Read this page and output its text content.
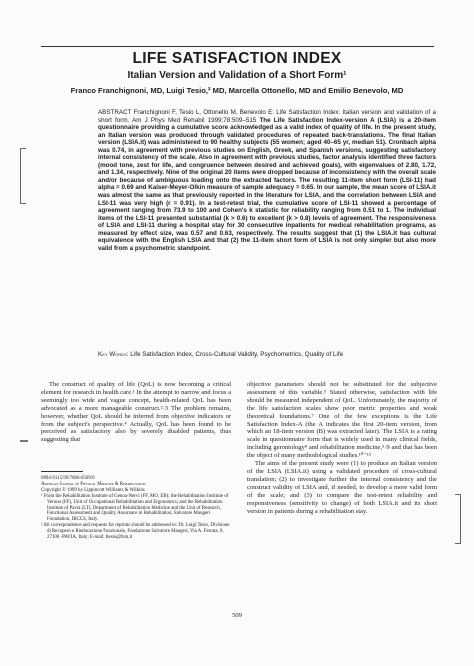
LIFE SATISFACTION INDEX
Italian Version and Validation of a Short Form¹
Franco Franchignoni, MD, Luigi Tesio,² MD, Marcella Ottonello, MD and Emilio Benevolo, MD
ABSTRACT Franchignoni F, Tesio L, Ottonello M, Benevolo E: Life Satisfaction Index: Italian version and validation of a short form. Am J Phys Med Rehabil 1999;78:509–515 The Life Satisfaction Index-version A (LSIA) is a 20-item questionnaire providing a cumulative score acknowledged as a valid index of quality of life. In the present study, an Italian version was produced through validated procedures of repeated back-translations. The final Italian version (LSIA.it) was administered to 90 healthy subjects (55 women; aged 40–65 yr, median 51). Cronbach alpha was 0.74, in agreement with previous studies on English, Greek, and Spanish versions, suggesting satisfactory internal consistency of the scale. Also in agreement with previous studies, factor analysis identified three factors (mood tone, zest for life, and congruence between desired and achieved goals), with eigenvalues of 2.80, 1.72, and 1.34, respectively. Nine of the original 20 items were dropped because of inconsistency with the overall scale and/or because of ambiguous loading onto the extracted factors. The resulting 11-item short form (LSI-11) had alpha = 0.69 and Kaiser-Meyer-Olkin measure of sample adequacy = 0.65. In our sample, the mean score of LSIA.it was almost the same as that previously reported in the literature for LSIA, and the correlation between LSIA and LSI-11 was very high (r = 0.91). In a test-retest trial, the cumulative score of LSI-11 showed a percentage of agreement ranging from 73.9 to 100 and Cohen's k statistic for reliability ranging from 0.51 to 1. The individual items of the LSI-11 presented substantial (k > 0.6) to excellent (k > 0.8) levels of agreement. The responsiveness of LSIA and LSI-11 during a hospital stay for 30 consecutive inpatients for medical rehabilitation programs, as measured by effect size, was 0.57 and 0.63, respectively. The results suggest that (1) the LSIA.it has cultural equivalence with the English LSIA and that (2) the 11-item short form of LSIA is not only simpler but also more valid from a psychometric standpoint.
Key Words: Life Satisfaction Index, Cross-Cultural Validity, Psychometrics, Quality of Life
The construct of quality of life (QoL) is now becoming a critical element for research in health care.¹ In the attempt to narrow and focus a seemingly too wide and vague concept, health-related QoL has been advocated as a more manageable construct.²·3 The problem remains, however, whether QoL should be inferred from objective indicators or from the subject's perspective.⁴ Actually, QoL has been found to be perceived as satisfactory also by severely disabled patients, thus suggesting that

objective parameters should not be substituted for the subjective assessment of this variable.⁵ Stated otherwise, satisfaction with life should be measured independent of QoL. Unfortunately, the majority of the life satisfaction scales show poor metric properties and weak theoretical foundations.⁷ One of the few exceptions is the Life Satisfaction Index-A (the A indicates the first 20-item version, from which an 18-item version (B) was extracted later). The LSIA is a rating scale in questionnaire form that is widely used in many clinical fields, including gerontology⁸ and rehabilitation medicine,⁵·9 and that has been the object of many methodological studies.¹⁰⁻¹³

The aims of the present study were (1) to produce an Italian version of the LSIA (LSIA.it) using a validated procedure of cross-cultural translation; (2) to investigate further the internal consistency and the construct validity of LSIA and, if needed, to develop a more valid form of the scale; and (3) to compare the test-retest reliability and responsiveness (sensitivity to change) of both LSIA.it and its short version in patients during a rehabilitation stay.

0894-9115/99/7806-0509/0
American Journal of Physical Medicine & Rehabilitation
Copyright © 1999 by Lippincott Williams & Wilkins
¹ From the Rehabilitation Institute of Genoa-Nervi (FF, MO, EB); the Rehabilitation Institute of Veruno (FF), Unit of Occupational Rehabilitation and Ergonomics; and the Rehabilitation Institute of Pavia (LT), Department of Rehabilitation Medicine and the Unit of Research, Functional Assessment and Quality Assurance in Rehabilitation, Salvatore Maugeri Foundation, IRCCS, Italy.
² All correspondence and requests for reprints should be addressed to: Dr. Luigi Tesio, Divisione di Recupero e Rieducazione Funzionale, Fondazione Salvatore Maugeri, Via A. Ferrata, 8, 27100 -PAVIA, Italy; E-mail: ltesio@fsm.it
509
